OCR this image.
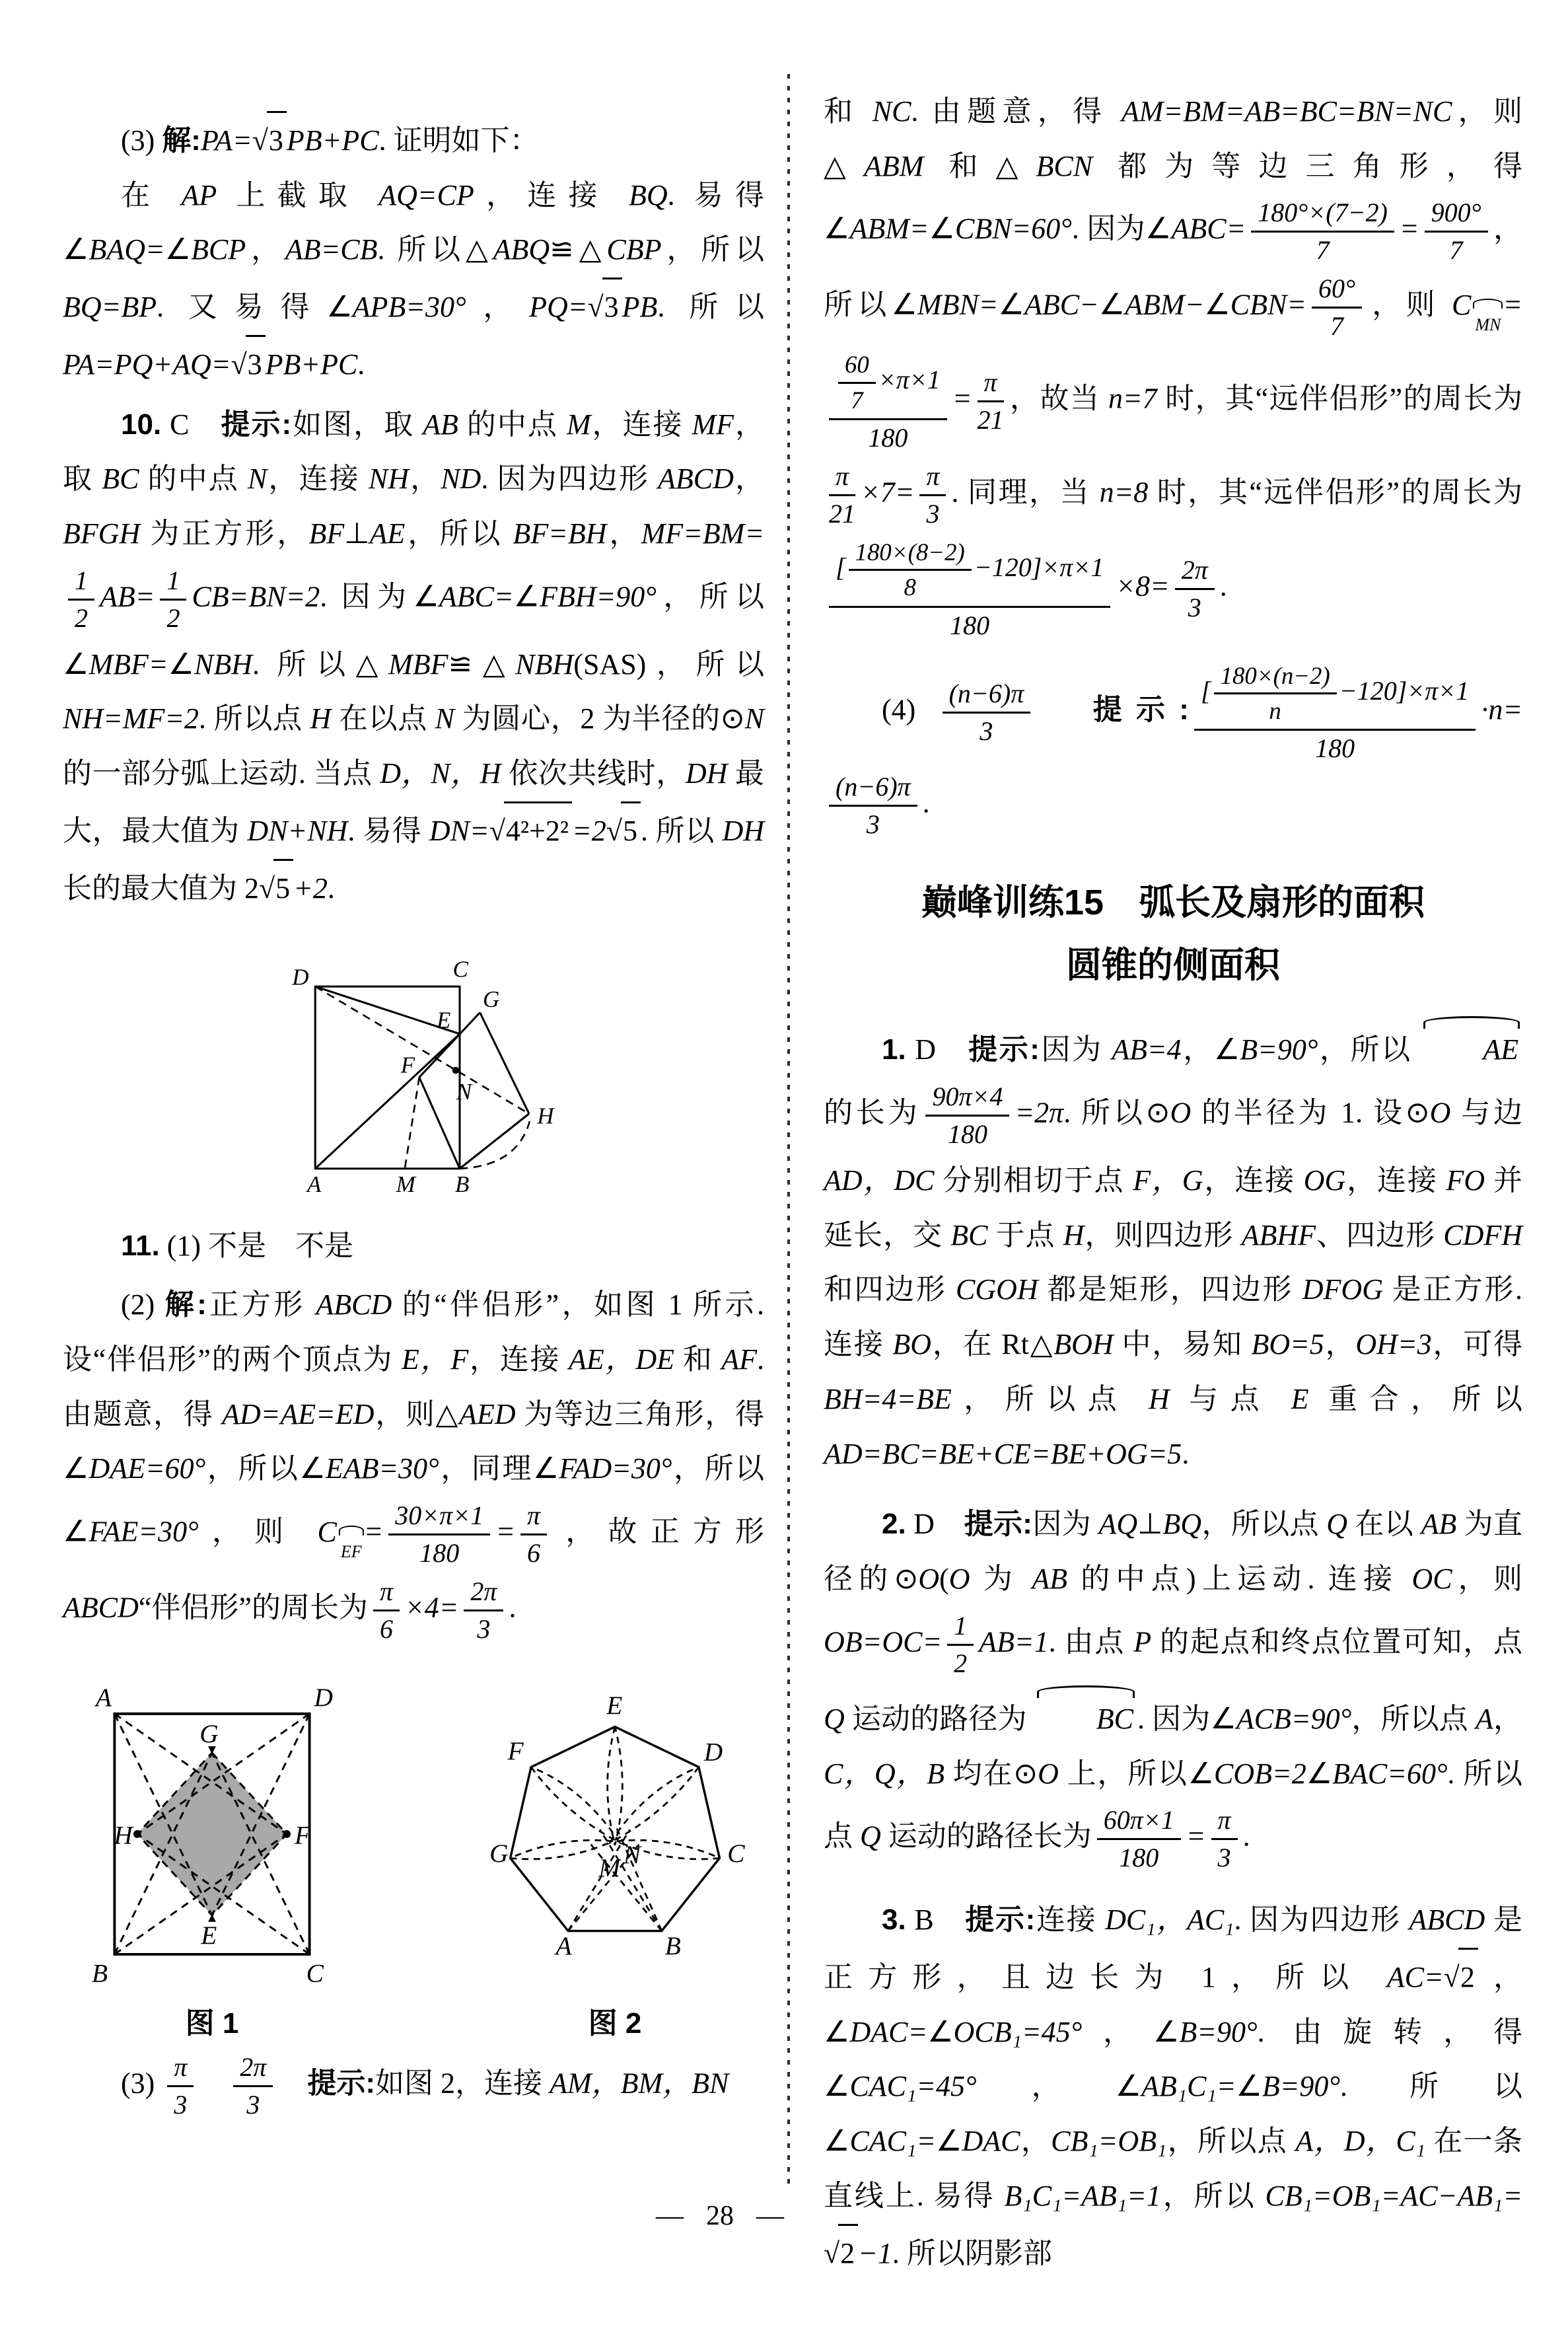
(3) 解:PA=√3 PB+PC. 证明如下：

在 AP 上截取 AQ=CP，连接 BQ. 易得∠BAQ=∠BCP，AB=CB. 所以△ABQ≌△CBP，所以 BQ=BP. 又易得∠APB=30°，PQ=√3 PB. 所以 PA=PQ+AQ=√3 PB+PC.

10. C　提示:如图，取 AB 的中点 M，连接 MF，取 BC 的中点 N，连接 NH，ND. 因为四边形 ABCD，BFGH 为正方形，BF⊥AE，所以 BF=BH，MF=BM=
$\frac{1}{2} AB= \frac{1}{2} CB=BN=2$. 因为∠ABC=∠FBH=90°，所以∠MBF=∠NBH. 所以△MBF≌△NBH(SAS)，所以 NH=MF=2. 所以点 H 在以点 N 为圆心，2 为半径的⊙N 的一部分弧上运动. 当点 D，N，H 依次共线时，DH 最大，最大值为 DN+NH. 易得 DN=√4²+2² =2√5 . 所以 DH 长的最大值为 2√5 +2.

D	C
E
G
F
N
H
A	M B

11. (1) 不是　不是

(2) 解:正方形 ABCD 的“伴侣形”，如图 1 所示. 设“伴侣形”的两个顶点为 E，F，连接 AE，DE 和 AF. 由题意，得 AD=AE=ED，则△AED 为等边三角形，得∠DAE=60°，所以∠EAB=30°，同理∠FAD=30°，所以∠FAE=30°，则 $CEF= \frac{30\times\pi\times 1}{180} = \frac{\pi}{6}$ ，故正方形 ABCD“伴侣形”的周长为 $\frac{\pi}{6} \times 4= \frac{2\pi}{3}$ .

A	D
G
H	F
E
B	C
图 1
E
F	D
G	C
M N
A	B
图 2

$(3) \frac{\pi}{3}$
　 $\frac{2\pi}{3}$
　 提示:如图 2，连接 AM，BM，BN

和 NC. 由题意，得 AM=BM=AB=BC=BN=NC，则△ABM 和△BCN 都为等边三角形，得∠ABM=∠CBN=60°. 因为∠ABC= $\frac{180^\circ\times(7-2)}{7} = \frac{900^\circ}{7}$ ，所以∠MBN=∠ABC−∠ABM−∠CBN= $\frac{60^\circ}{7}$ ，则 CMN=
$\frac{\frac{60}{7} \times\pi\times 1}{180} = \frac{\pi}{21}$ ，故当 n=7 时，其“远伴侣形”的周长为
$\frac{\pi}{21} \times 7= \frac{\pi}{3}$ . 同理，当 n=8 时，其“远伴侣形”的周长为
$\frac{[ \frac{180\times(8-2)}{8} -120]\times\pi\times 1}{180} \times 8= \frac{2\pi}{3}$ .

$(4) \frac{(n-6)\pi}{3}$
　 提示: $\frac{[ \frac{180\times(n-2)}{n} -120]\times\pi\times 1}{180} \cdot n=$
$\frac{(n-6)\pi}{3}$ .

巅峰训练15　弧长及扇形的面积
圆锥的侧面积

1. D　提示:因为 AB=4，∠B=90°，所以 AE 的长为 $\frac{90\pi\times 4}{180} =2\pi$. 所以⊙O 的半径为 1. 设⊙O 与边 AD，DC 分别相切于点 F，G，连接 OG，连接 FO 并延长，交 BC 于点 H，则四边形 ABHF、四边形 CDFH 和四边形 CGOH 都是矩形，四边形 DFOG 是正方形. 连接 BO，在 Rt△BOH 中，易知 BO=5，OH=3，可得 BH=4=BE，所以点 H 与点 E 重合，所以 AD=BC=BE+CE=BE+OG=5.

2. D　提示:因为 AQ⊥BQ，所以点 Q 在以 AB 为直径的⊙O(O 为 AB 的中点)上运动. 连接 OC，则 $OB=OC= \frac{1}{2} AB=1$. 由点 P 的起点和终点位置可知，点 Q 运动的路径为 BC . 因为∠ACB=90°，所以点 A，C，Q，B 均在⊙O 上，所以∠COB=2∠BAC=60°. 所以点 Q 运动的路径长为 $\frac{60\pi\times 1}{180} = \frac{\pi}{3}$ .

3. B　提示:连接 DC₁，AC₁. 因为四边形 ABCD 是正方形，且边长为 1，所以 AC=√2 ，∠DAC=∠OCB₁=45°，∠B=90°. 由旋转，得∠CAC₁=45°，∠AB₁C₁=∠B=90°. 所以∠CAC₁=∠DAC，CB₁=OB₁，所以点 A，D，C₁ 在一条直线上. 易得 B₁C₁=AB₁=1，所以 CB₁=OB₁=AC−AB₁=√2 −1. 所以阴影部

— 28 —
